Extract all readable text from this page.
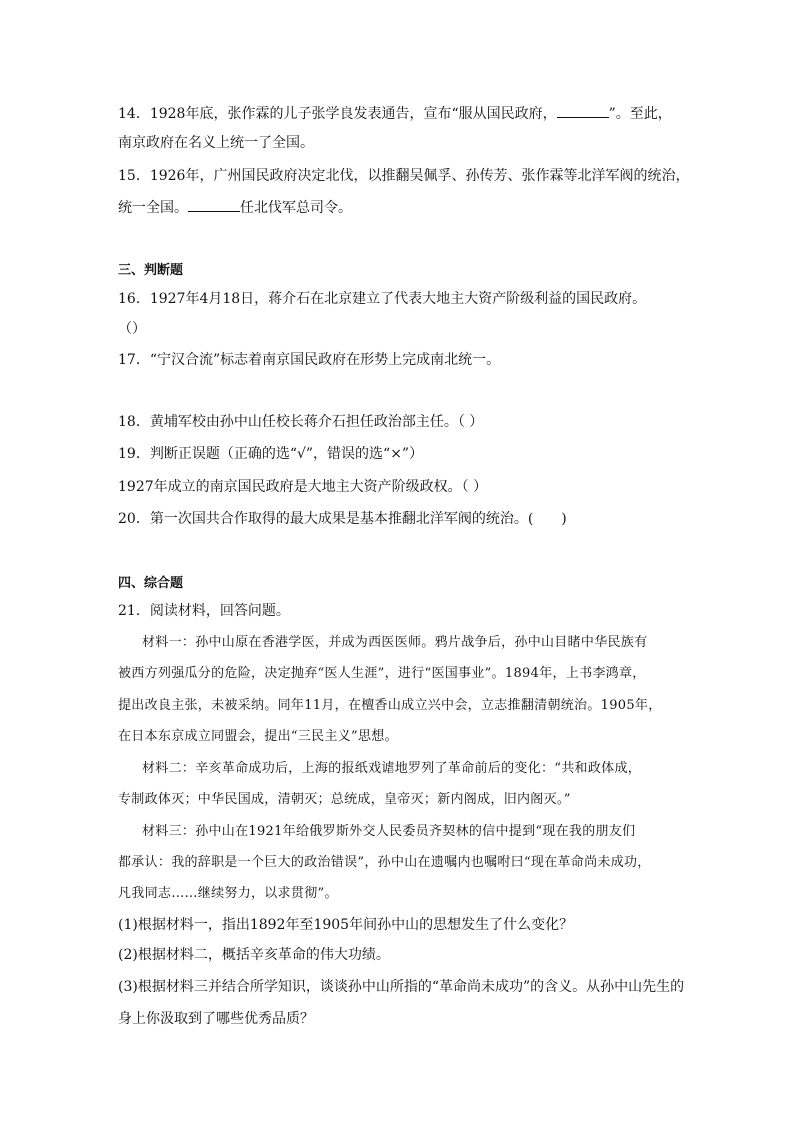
14．1928年底，张作霖的儿子张学良发表通告，宣布“服从国民政府，	”。至此，
南京政府在名义上统一了全国。
15．1926年，广州国民政府决定北伐，以推翻吴佩孚、孙传芳、张作霖等北洋军阀的统治，
统一全国。	任北伐军总司令。
三、判断题
16．1927年4月18日，蒋介石在北京建立了代表大地主大资产阶级利益的国民政府。
（）
17．“宁汉合流”标志着南京国民政府在形势上完成南北统一。
18．黄埔军校由孙中山任校长蒋介石担任政治部主任。（ ）
19．判断正误题（正确的选“√”，错误的选“×”）
1927年成立的南京国民政府是大地主大资产阶级政权。（ ）
20．第一次国共合作取得的最大成果是基本推翻北洋军阀的统治。(　　)
四、综合题
21．阅读材料，回答问题。
材料一：孙中山原在香港学医，并成为西医医师。鸦片战争后，孙中山目睹中华民族有
被西方列强瓜分的危险，决定抛弃“医人生涯”，进行“医国事业”。1894年，上书李鸿章，
提出改良主张，未被采纳。同年11月，在檀香山成立兴中会，立志推翻清朝统治。1905年，
在日本东京成立同盟会，提出“三民主义”思想。
材料二：辛亥革命成功后，上海的报纸戏谑地罗列了革命前后的变化：“共和政体成，
专制政体灭；中华民国成，清朝灭；总统成，皇帝灭；新内阁成，旧内阁灭。”
材料三：孙中山在1921年给俄罗斯外交人民委员齐契林的信中提到“现在我的朋友们
都承认：我的辞职是一个巨大的政治错误”，孙中山在遗嘱内也嘱咐曰“现在革命尚未成功，
凡我同志……继续努力，以求贯彻”。
(1)根据材料一，指出1892年至1905年间孙中山的思想发生了什么变化？
(2)根据材料二，概括辛亥革命的伟大功绩。
(3)根据材料三并结合所学知识，谈谈孙中山所指的“革命尚未成功”的含义。从孙中山先生的
身上你汲取到了哪些优秀品质？
